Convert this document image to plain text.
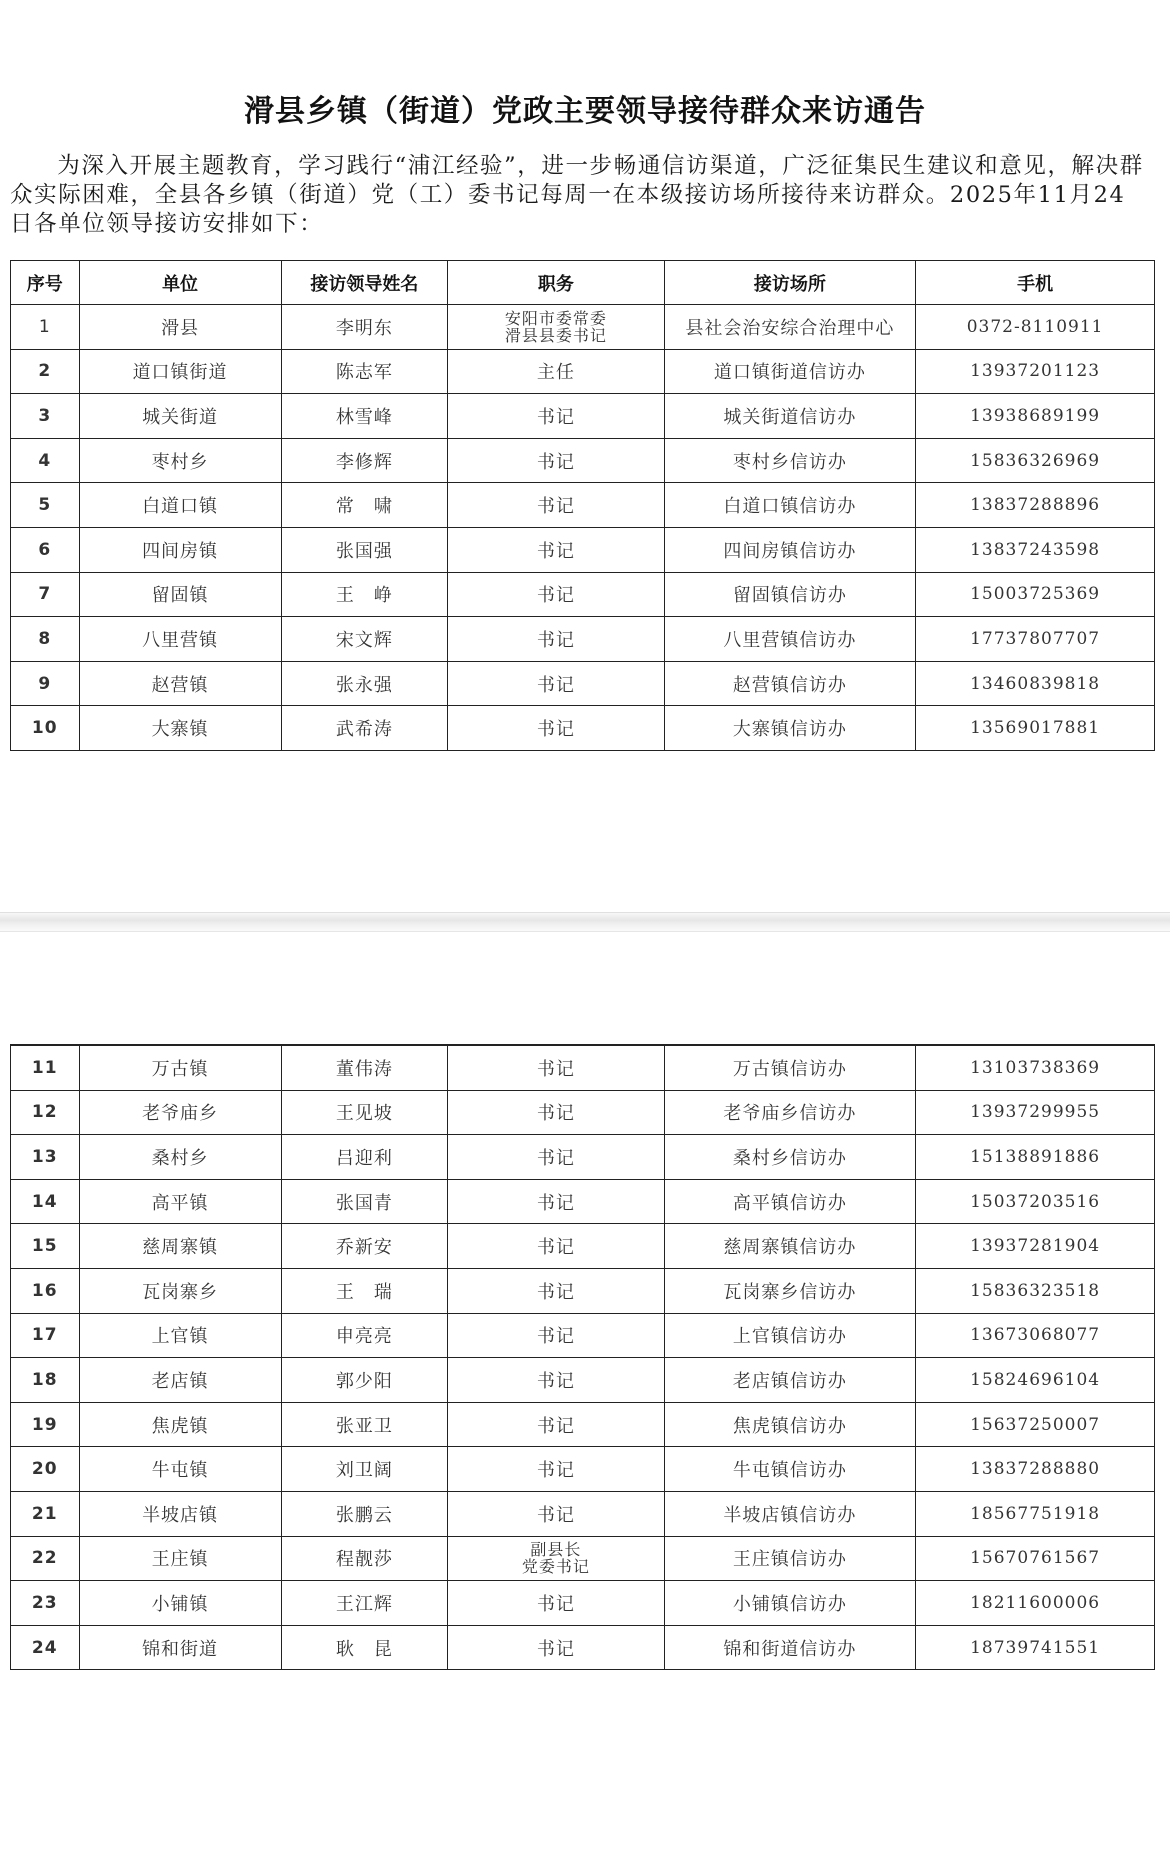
滑县乡镇（街道）党政主要领导接待群众来访通告
为深入开展主题教育，学习践行“浦江经验”，进一步畅通信访渠道，广泛征集民生建议和意见，解决群众实际困难，全县各乡镇（街道）党（工）委书记每周一在本级接访场所接待来访群众。2025年11月24日各单位领导接访安排如下：
序号	单位	接访领导姓名	职务	接访场所	手机
1	滑县	李明东	安阳市委常委
滑县县委书记	县社会治安综合治理中心	0372-8110911
2	道口镇街道	陈志军	主任	道口镇街道信访办	13937201123
3	城关街道	林雪峰	书记	城关街道信访办	13938689199
4	枣村乡	李修辉	书记	枣村乡信访办	15836326969
5	白道口镇	常　啸	书记	白道口镇信访办	13837288896
6	四间房镇	张国强	书记	四间房镇信访办	13837243598
7	留固镇	王　峥	书记	留固镇信访办	15003725369
8	八里营镇	宋文辉	书记	八里营镇信访办	17737807707
9	赵营镇	张永强	书记	赵营镇信访办	13460839818
10	大寨镇	武希涛	书记	大寨镇信访办	13569017881
11	万古镇	董伟涛	书记	万古镇信访办	13103738369
12	老爷庙乡	王见坡	书记	老爷庙乡信访办	13937299955
13	桑村乡	吕迎利	书记	桑村乡信访办	15138891886
14	高平镇	张国青	书记	高平镇信访办	15037203516
15	慈周寨镇	乔新安	书记	慈周寨镇信访办	13937281904
16	瓦岗寨乡	王　瑞	书记	瓦岗寨乡信访办	15836323518
17	上官镇	申亮亮	书记	上官镇信访办	13673068077
18	老店镇	郭少阳	书记	老店镇信访办	15824696104
19	焦虎镇	张亚卫	书记	焦虎镇信访办	15637250007
20	牛屯镇	刘卫阔	书记	牛屯镇信访办	13837288880
21	半坡店镇	张鹏云	书记	半坡店镇信访办	18567751918
22	王庄镇	程靓莎	副县长
党委书记	王庄镇信访办	15670761567
23	小铺镇	王江辉	书记	小铺镇信访办	18211600006
24	锦和街道	耿　昆	书记	锦和街道信访办	18739741551
